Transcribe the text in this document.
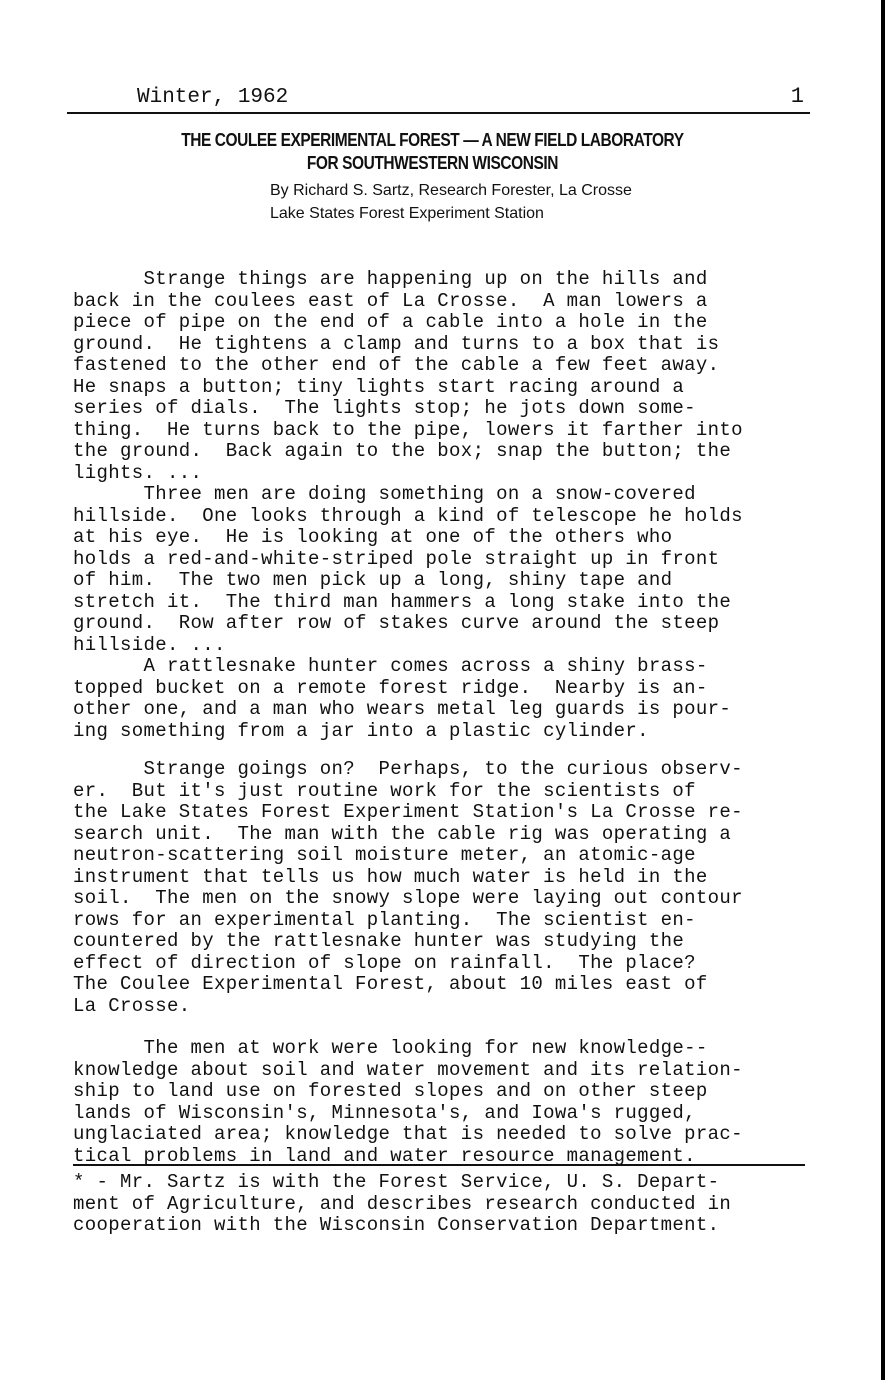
Winter, 1962	1
THE COULEE EXPERIMENTAL FOREST — A NEW FIELD LABORATORY
FOR SOUTHWESTERN WISCONSIN
By Richard S. Sartz, Research Forester, La Crosse
Lake States Forest Experiment Station
Strange things are happening up on the hills and
back in the coulees east of La Crosse.  A man lowers a
piece of pipe on the end of a cable into a hole in the
ground.  He tightens a clamp and turns to a box that is
fastened to the other end of the cable a few feet away.
He snaps a button; tiny lights start racing around a
series of dials.  The lights stop; he jots down some-
thing.  He turns back to the pipe, lowers it farther into
the ground.  Back again to the box; snap the button; the
lights. ...
Three men are doing something on a snow-covered
hillside.  One looks through a kind of telescope he holds
at his eye.  He is looking at one of the others who
holds a red-and-white-striped pole straight up in front
of him.  The two men pick up a long, shiny tape and
stretch it.  The third man hammers a long stake into the
ground.  Row after row of stakes curve around the steep
hillside. ...
A rattlesnake hunter comes across a shiny brass-
topped bucket on a remote forest ridge.  Nearby is an-
other one, and a man who wears metal leg guards is pour-
ing something from a jar into a plastic cylinder.
Strange goings on?  Perhaps, to the curious observ-
er.  But it's just routine work for the scientists of
the Lake States Forest Experiment Station's La Crosse re-
search unit.  The man with the cable rig was operating a
neutron-scattering soil moisture meter, an atomic-age
instrument that tells us how much water is held in the
soil.  The men on the snowy slope were laying out contour
rows for an experimental planting.  The scientist en-
countered by the rattlesnake hunter was studying the
effect of direction of slope on rainfall.  The place?
The Coulee Experimental Forest, about 10 miles east of
La Crosse.
The men at work were looking for new knowledge--
knowledge about soil and water movement and its relation-
ship to land use on forested slopes and on other steep
lands of Wisconsin's, Minnesota's, and Iowa's rugged,
unglaciated area; knowledge that is needed to solve prac-
tical problems in land and water resource management.
* - Mr. Sartz is with the Forest Service, U. S. Depart-
ment of Agriculture, and describes research conducted in
cooperation with the Wisconsin Conservation Department.
